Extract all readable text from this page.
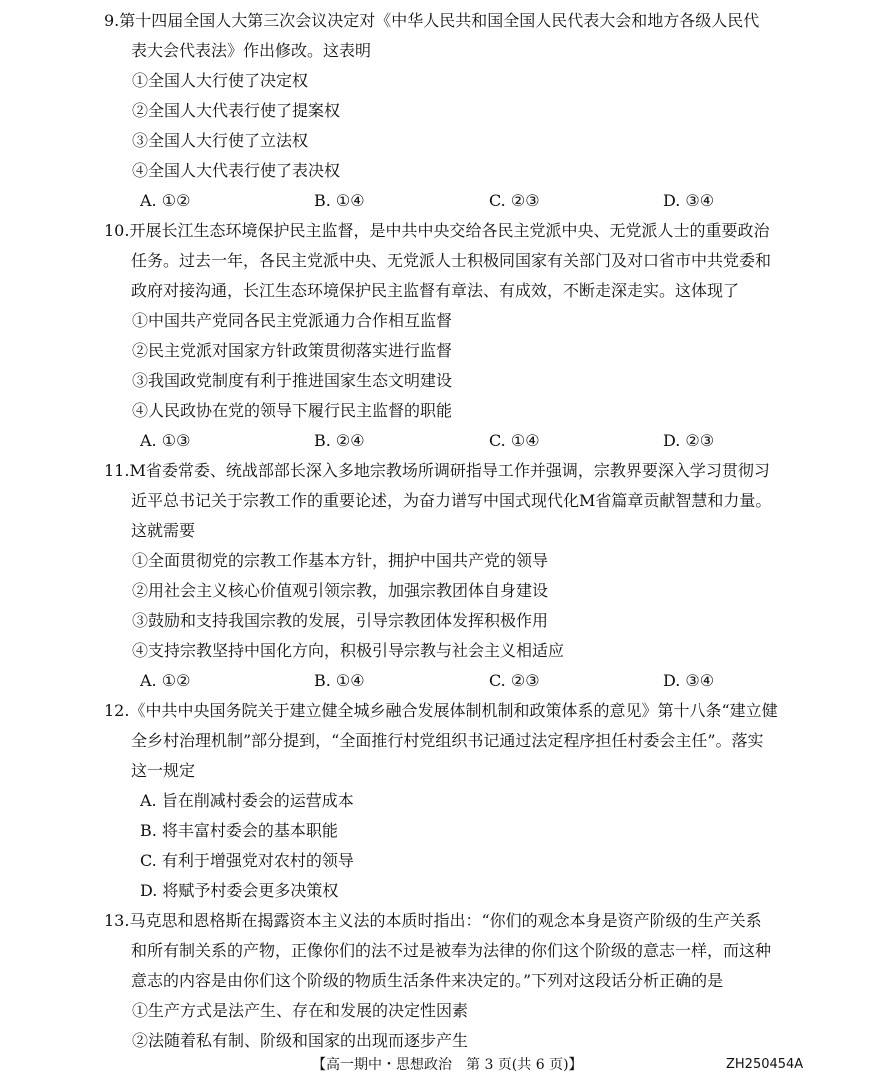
9.第十四届全国人大第三次会议决定对《中华人民共和国全国人民代表大会和地方各级人民代
表大会代表法》作出修改。这表明
①全国人大行使了决定权
②全国人大代表行使了提案权
③全国人大行使了立法权
④全国人大代表行使了表决权
A. ①②	B. ①④	C. ②③	D. ③④
10.开展长江生态环境保护民主监督，是中共中央交给各民主党派中央、无党派人士的重要政治
任务。过去一年，各民主党派中央、无党派人士积极同国家有关部门及对口省市中共党委和
政府对接沟通，长江生态环境保护民主监督有章法、有成效，不断走深走实。这体现了
①中国共产党同各民主党派通力合作相互监督
②民主党派对国家方针政策贯彻落实进行监督
③我国政党制度有利于推进国家生态文明建设
④人民政协在党的领导下履行民主监督的职能
A. ①③	B. ②④	C. ①④	D. ②③
11.M省委常委、统战部部长深入多地宗教场所调研指导工作并强调，宗教界要深入学习贯彻习
近平总书记关于宗教工作的重要论述，为奋力谱写中国式现代化M省篇章贡献智慧和力量。
这就需要
①全面贯彻党的宗教工作基本方针，拥护中国共产党的领导
②用社会主义核心价值观引领宗教，加强宗教团体自身建设
③鼓励和支持我国宗教的发展，引导宗教团体发挥积极作用
④支持宗教坚持中国化方向，积极引导宗教与社会主义相适应
A. ①②	B. ①④	C. ②③	D. ③④
12.《中共中央国务院关于建立健全城乡融合发展体制机制和政策体系的意见》第十八条“建立健
全乡村治理机制”部分提到，“全面推行村党组织书记通过法定程序担任村委会主任”。落实
这一规定
A. 旨在削减村委会的运营成本
B. 将丰富村委会的基本职能
C. 有利于增强党对农村的领导
D. 将赋予村委会更多决策权
13.马克思和恩格斯在揭露资本主义法的本质时指出：“你们的观念本身是资产阶级的生产关系
和所有制关系的产物，正像你们的法不过是被奉为法律的你们这个阶级的意志一样，而这种
意志的内容是由你们这个阶级的物质生活条件来决定的。”下列对这段话分析正确的是
①生产方式是法产生、存在和发展的决定性因素
②法随着私有制、阶级和国家的出现而逐步产生
【高一期中・思想政治　第 3 页(共 6 页)】	ZH250454A
